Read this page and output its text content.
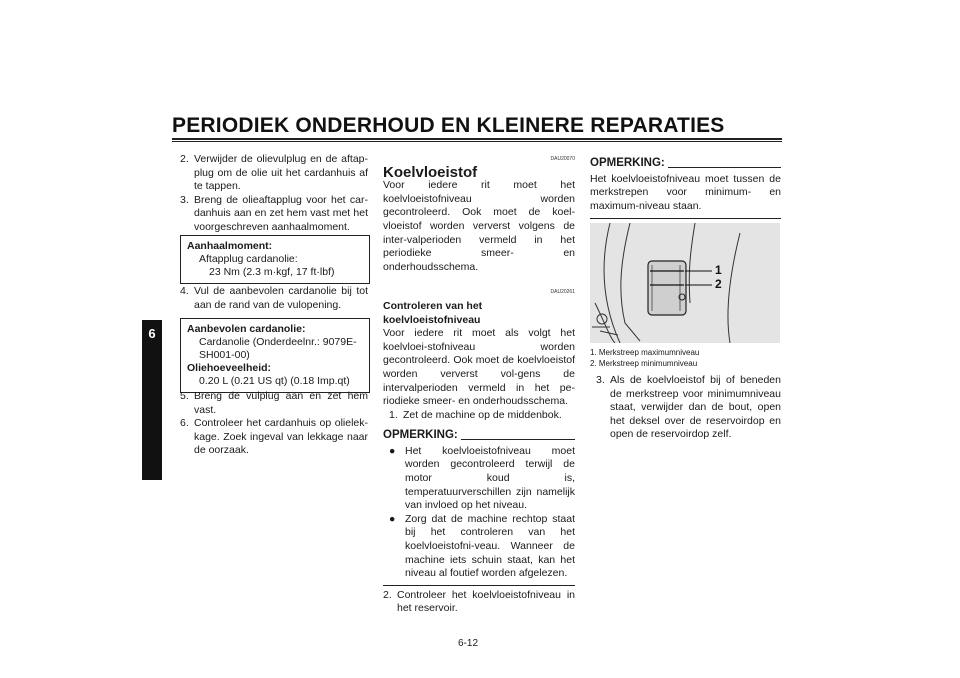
PERIODIEK ONDERHOUD EN KLEINERE REPARATIES
6
2. Verwijder de olievulplug en de aftap-plug om de olie uit het cardanhuis af te tappen.
3. Breng de olieaftapplug voor het car-danhuis aan en zet hem vast met het voorgeschreven aanhaalmoment.
Aanhaalmoment:
Aftapplug cardanolie:
23 Nm (2.3 m·kgf, 17 ft·lbf)
4. Vul de aanbevolen cardanolie bij tot aan de rand van de vulopening.
Aanbevolen cardanolie:
Cardanolie (Onderdeelnr.: 9079E-SH001-00)
Oliehoeveelheid:
0.20 L (0.21 US qt) (0.18 Imp.qt)
5. Breng de vulplug aan en zet hem vast.
6. Controleer het cardanhuis op olielek-kage. Zoek ingeval van lekkage naar de oorzaak.
DAU20070
Koelvloeistof
Voor iedere rit moet het koelvloeistofniveau worden gecontroleerd. Ook moet de koel-vloeistof worden ververst volgens de inter-valperioden vermeld in het periodieke smeer- en onderhoudsschema.
DAU20261
Controleren van het koelvloeistofniveau
Voor iedere rit moet als volgt het koelvloei-stofniveau worden gecontroleerd. Ook moet de koelvloeistof worden ververst vol-gens de intervalperioden vermeld in het pe-riodieke smeer- en onderhoudsschema.
1. Zet de machine op de middenbok.
OPMERKING:
● Het koelvloeistofniveau moet worden gecontroleerd terwijl de motor koud is, temperatuurverschillen zijn namelijk van invloed op het niveau.
● Zorg dat de machine rechtop staat bij het controleren van het koelvloeistofni-veau. Wanneer de machine iets schuin staat, kan het niveau al foutief worden afgelezen.
2. Controleer het koelvloeistofniveau in het reservoir.
OPMERKING:
Het koelvloeistofniveau moet tussen de merkstrepen voor minimum- en maximum-niveau staan.
1
2
1. Merkstreep maximumniveau
2. Merkstreep minimumniveau
3. Als de koelvloeistof bij of beneden de merkstreep voor minimumniveau staat, verwijder dan de bout, open het deksel over de reservoirdop en open de reservoirdop zelf.
6-12
